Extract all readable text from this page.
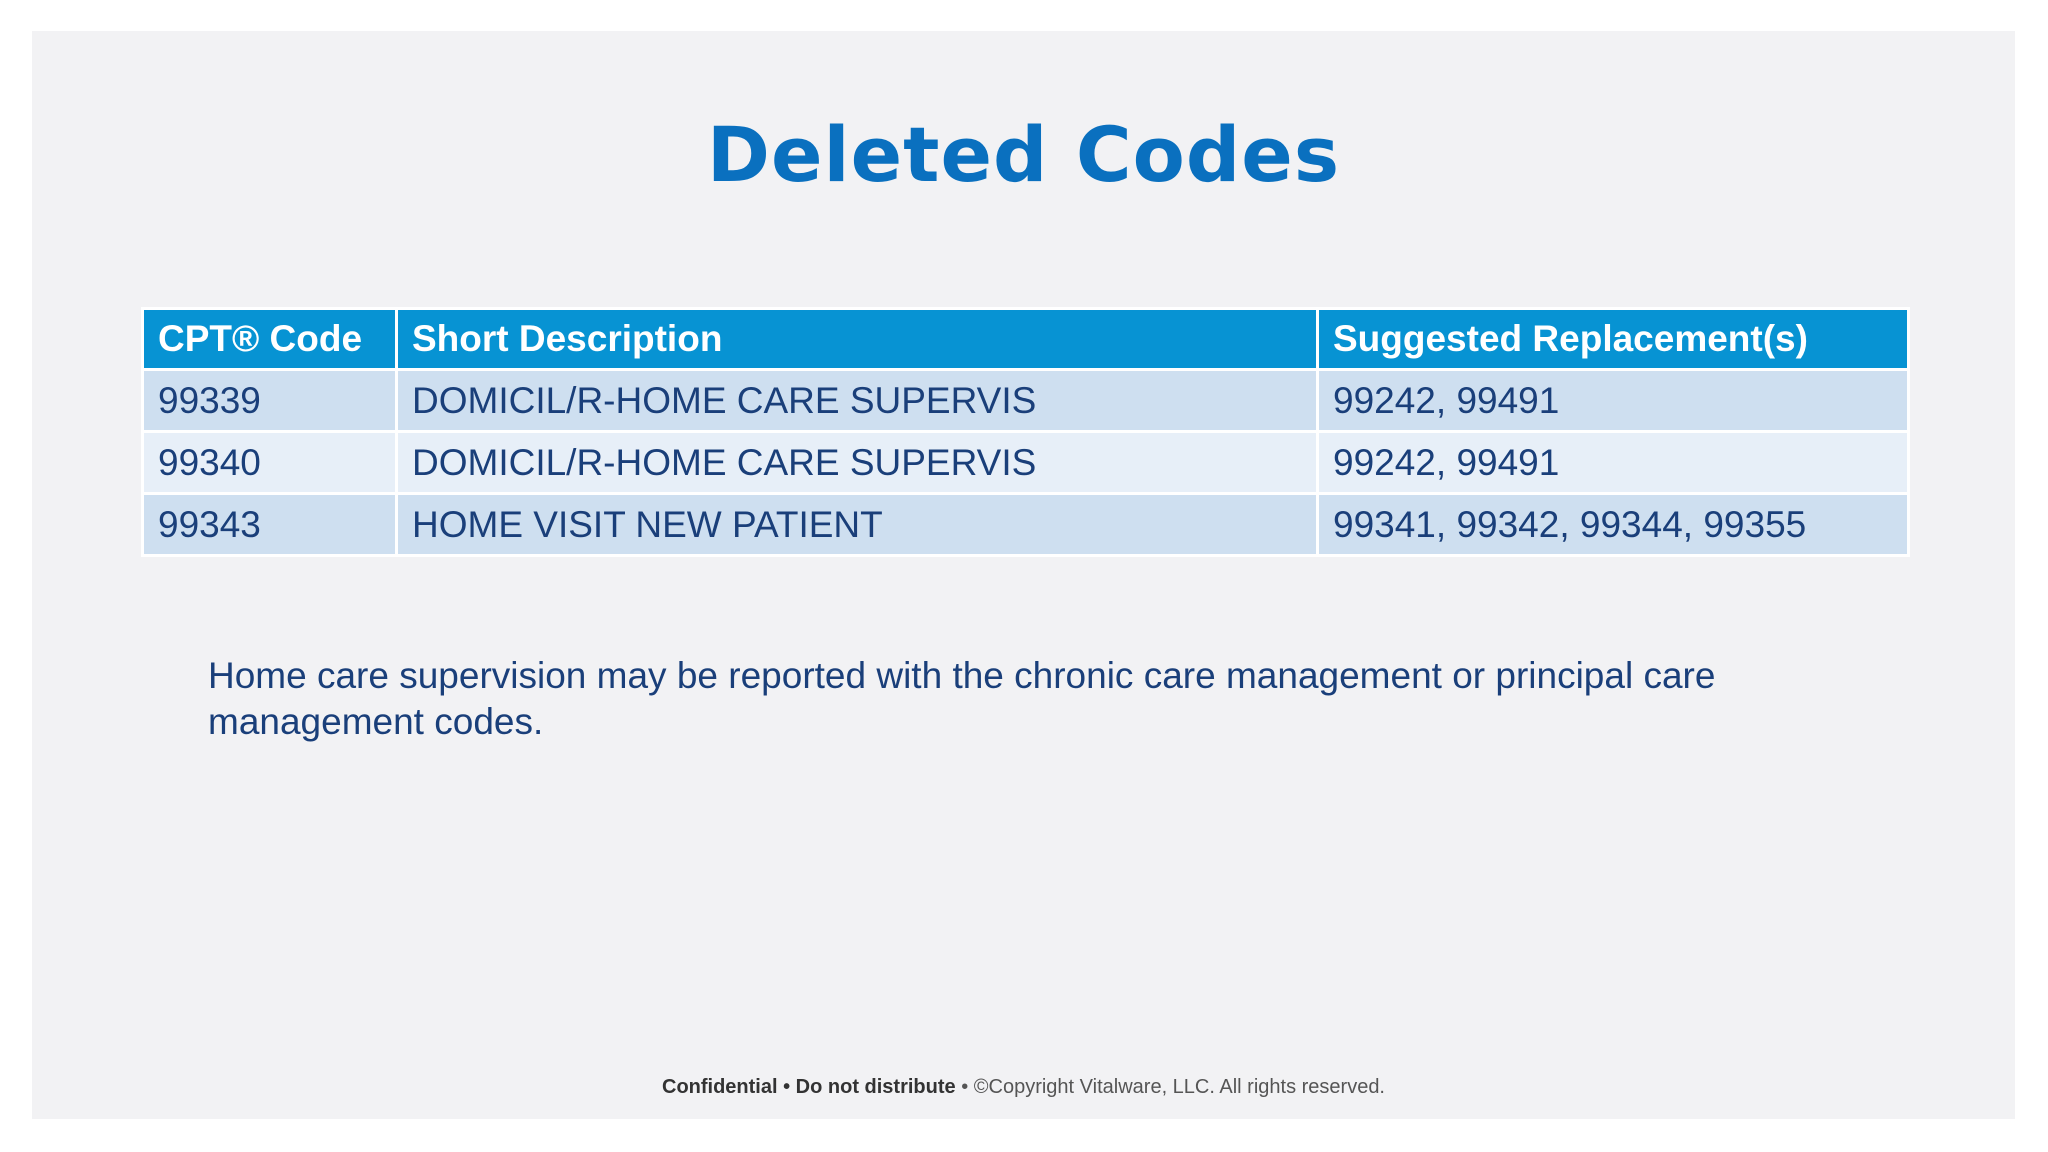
Deleted Codes
CPT® Code	Short Description	Suggested Replacement(s)
99339	DOMICIL/R-HOME CARE SUPERVIS	99242, 99491
99340	DOMICIL/R-HOME CARE SUPERVIS	99242, 99491
99343	HOME VISIT NEW PATIENT	99341, 99342, 99344, 99355
Home care supervision may be reported with the chronic care management or principal care management codes.
Confidential • Do not distribute • ©Copyright Vitalware, LLC. All rights reserved.
